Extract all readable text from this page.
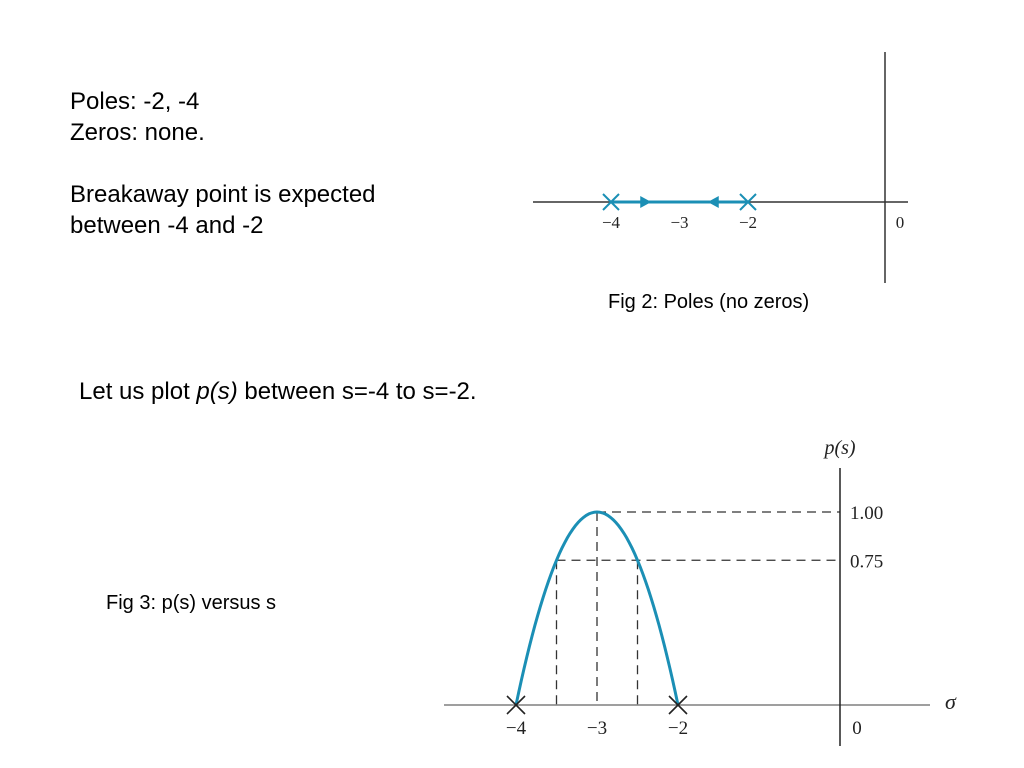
Poles: -2, -4
Zeros: none.
Breakaway point is expected
between -4 and -2
Fig 2: Poles (no zeros)
Let us plot p(s) between s=-4 to s=-2.
Fig 3: p(s) versus s
−4	−3	−2	0
−4	−3	−2	0
1.00
0.75
p(s)
σ
